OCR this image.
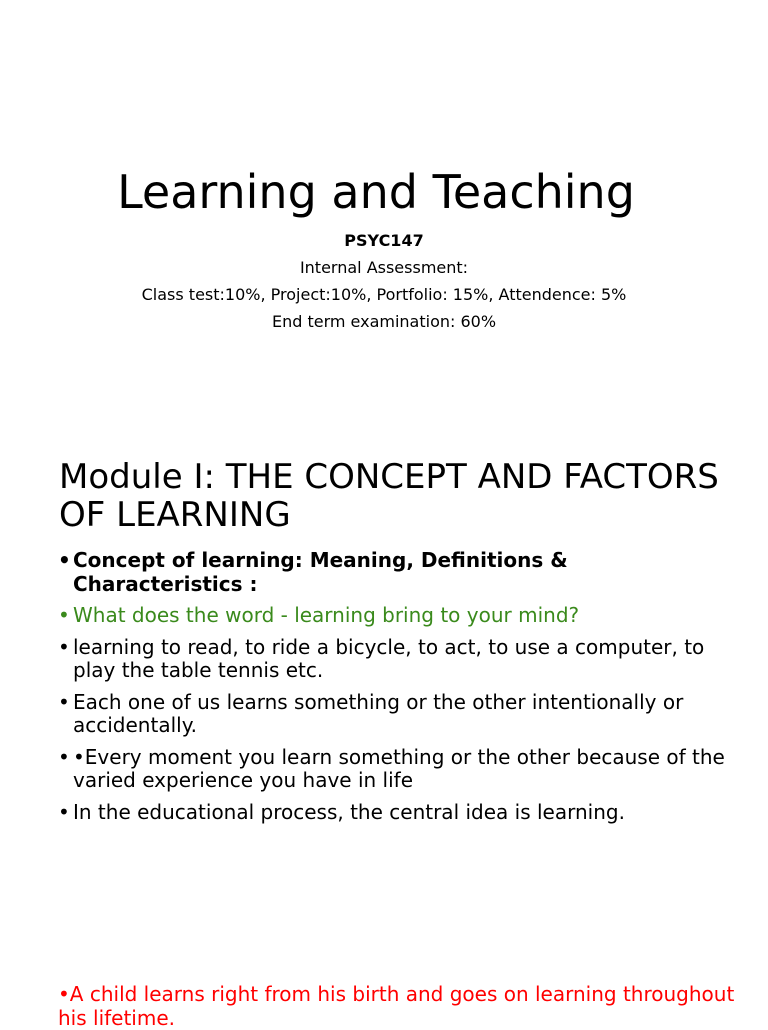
Learning and Teaching
PSYC147
Internal Assessment:
Class test:10%, Project:10%, Portfolio: 15%, Attendence: 5%
End term examination: 60%
Module I: THE CONCEPT AND FACTORS OF LEARNING
• Concept of learning: Meaning, Definitions & Characteristics :
• What does the word - learning bring to your mind?
• learning to read, to ride a bicycle, to act, to use a computer, to play the table tennis etc.
• Each one of us learns something or the other intentionally or accidentally.
• •Every moment you learn something or the other because of the varied experience you have in life
• In the educational process, the central idea is learning.
•A child learns right from his birth and goes on learning throughout his lifetime.
